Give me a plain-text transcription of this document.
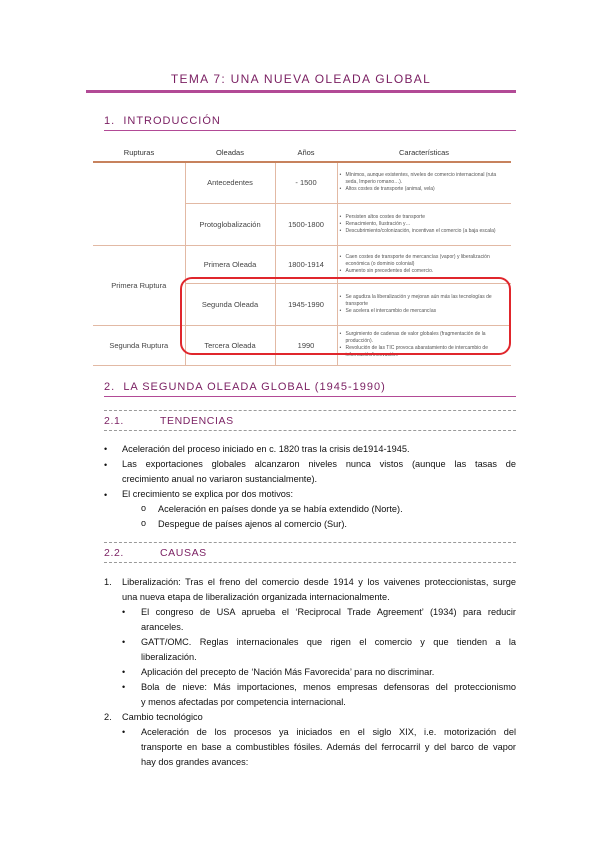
TEMA 7: UNA NUEVA OLEADA GLOBAL
1. INTRODUCCIÓN
Rupturas	Oleadas	Años	Características
	Antecedentes	- 1500	• Mínimos, aunque existentes, niveles de comercio internacional (ruta seda, Imperio romano…).
• Altos costes de transporte (animal, vela)

	Protoglobalización	1500-1800	• Persisten altos costes de transporte
• Renacimiento, Ilustración y…
• Descubrimiento/colonización, incentivan el comercio (a baja escala)

Primera Ruptura	Primera Oleada	1800-1914	• Caen costes de transporte de mercancías (vapor) y liberalización económica (o dominio colonial)
• Aumento sin precedentes del comercio.

	Segunda Oleada	1945-1990	• Se agudiza la liberalización y mejoran aún más las tecnologías de transporte
• Se acelera el intercambio de mercancías

Segunda Ruptura	Tercera Oleada	1990	• Surgimiento de cadenas de valor globales (fragmentación de la producción).
• Revolución de las TIC provoca abaratamiento de intercambio de información/innovación.
2. LA SEGUNDA OLEADA GLOBAL (1945-1990)
2.1.	TENDENCIAS
• Aceleración del proceso iniciado en c. 1820 tras la crisis de1914-1945.
• Las exportaciones globales alcanzaron niveles nunca vistos (aunque las tasas de
crecimiento anual no variaron sustancialmente).
• El crecimiento se explica por dos motivos:
o Aceleración en países donde ya se había extendido (Norte).
o Despegue de países ajenos al comercio (Sur).
2.2.	CAUSAS
1. Liberalización: Tras el freno del comercio desde 1914 y los vaivenes proteccionistas, surge
una nueva etapa de liberalización organizada internacionalmente.
• El congreso de USA aprueba el ‘Reciprocal Trade Agreement’ (1934) para reducir
aranceles.
• GATT/OMC. Reglas internacionales que rigen el comercio y que tienden a la
liberalización.
• Aplicación del precepto de ‘Nación Más Favorecida’ para no discriminar.
• Bola de nieve: Más importaciones, menos empresas defensoras del proteccionismo
y menos afectadas por competencia internacional.
2. Cambio tecnológico
• Aceleración de los procesos ya iniciados en el siglo XIX, i.e. motorización del
transporte en base a combustibles fósiles. Además del ferrocarril y del barco de vapor
hay dos grandes avances:
